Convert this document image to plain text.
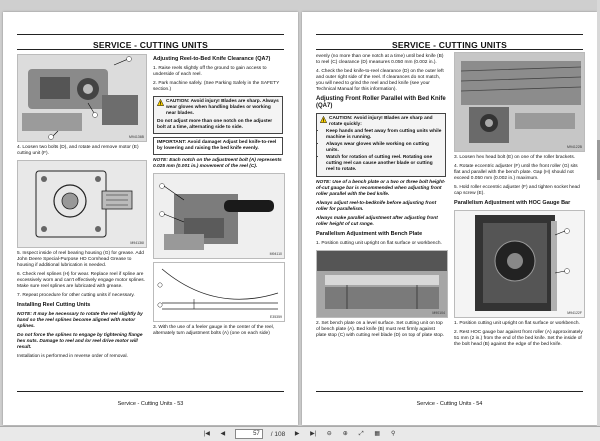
SERVICE - CUTTING UNITS
M94136B

4. Loosen two bolts (D), and rotate and remove motor (E) cutting unit (F).

M94136I

5. Inspect inside of reel bearing housing (G) for grease. Add John Deere Special-Purpose HD Cornhead Grease to housing if additional lubrication is needed.

6. Check reel splines (H) for wear. Replace reel if spline are excessively worn and can't effectively engage motor splines. Make sure reel splines are lubricated with grease.

7. Repeat procedure for other cutting units if necessary.

Installing Reel Cutting Units

NOTE: It may be necessary to rotate the reel slightly by hand so the reel splines become aligned with motor splines.

Do not force the splines to engage by tightening flange hex nuts. Damage to reel and /or reel drive motor will result.

Installation is performed in reverse order of removal.

Adjusting Reel-to-Bed Knife Clearance (QA7)

1. Raise reels slightly off the ground to gain access to underside of each reel.

2. Park machine safely. (See Parking Safely in the SAFETY section.)

CAUTION: Avoid injury! Blades are sharp. Always wear gloves when handling blades or working near blades.

Do not adjust more than one notch on the adjuster bolt at a time, alternating side to side.

IMPORTANT: Avoid damage! Adjust bed knife-to-reel by lowering and raising the bed knife evenly.

NOTE: Each notch on the adjustment bolt (A) represents 0.025 mm (0.001 in.) movement of the reel (C).

M94110
E35359

3. With the use of a feeler gauge in the center of the reel, alternately turn adjustment bolts (A) (one on each side)

Service - Cutting Units - 53
SERVICE - CUTTING UNITS

evenly (no more than one notch at a time) until bed knife (B) to reel (C) clearance (D) measures 0.050 mm (0.002 in.).

4. Check the bed knife-to-reel clearance (D) on the outer left and outer right side of the reel. If clearances do not match, you will need to grind the reel and bed knife (see your Technical Manual for this information).

Adjusting Front Roller Parallel with Bed Knife (QA7)
CAUTION: Avoid injury! Blades are sharp and rotate quickly:
• Keep hands and feet away from cutting units while machine is running.
• Always wear gloves while working on cutting units.
• Watch for rotation of cutting reel. Rotating one cutting reel can cause another blade or cutting reel to rotate.

NOTE: Use of a bench plate or a two or three bolt height-of-cut gauge bar is recommended when adjusting front roller parallel with the bed knife.

Always adjust reel-to-bedknife before adjusting front roller for parallelism.

Always make parallel adjustment after adjusting front roller height of cut range.

Parallelism Adjustment with Bench Plate

1. Position cutting unit upright on flat surface or workbench.

M90104

2. Set bench plate on a level surface. Set cutting unit on top of bench plate (A). Bed knife (B) must rest firmly against plate stop (C) with cutting reel blade (D) on top of plate stop.

M94122B

3. Loosen hex head bolt (E) on one of the roller brackets.

4. Rotate eccentric adjuster (F) until the front roller (G) sits flat and parallel with the bench plate. Gap (H) should not exceed 0.050 mm (0.002 in.) maximum.

5. Hold roller eccentric adjuster (F) and tighten socket head cap screw (E).

Parallelism Adjustment with HOC Gauge Bar
M94122F

1. Position cutting unit upright on flat surface or workbench.

2. Rest HOC gauge bar against front roller (A) approximately 51 mm (2 in.) from the end of the bed knife. Set the inside of the bolt head (B) against the edge of the bed knife.

Service - Cutting Units - 54
|◀ ◀	57	/ 108 ▶ ▶| ⊖ ⊕ ⤢ ▦ ⚲
